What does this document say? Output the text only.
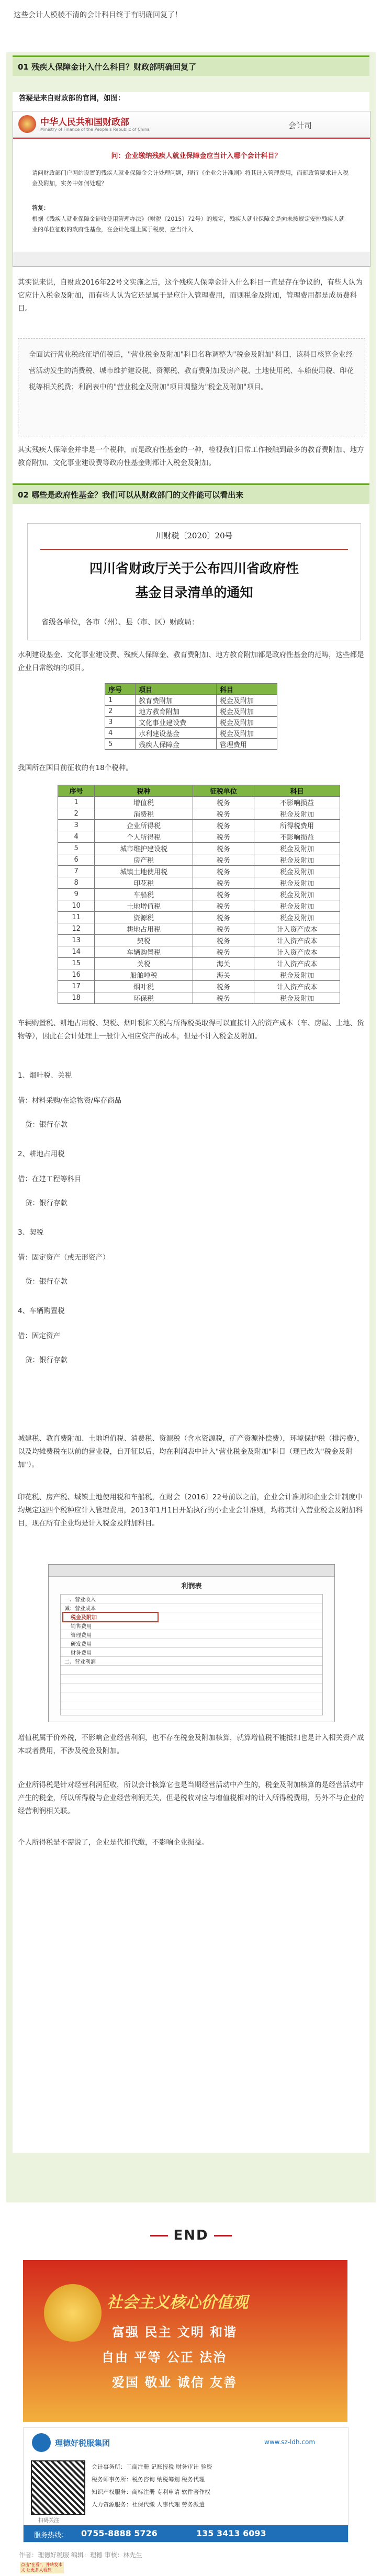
这些会计人模棱不清的会计科目终于有明确回复了！
01 残疾人保障金计入什么科目？财政部明确回复了
答疑是来自财政部的官网，如图：
中华人民共和国财政部
Ministry of Finance of the People's Republic of China	会计司
问：企业缴纳残疾人就业保障金应当计入哪个会计科目？
请问财政部门户网站设置的残疾人就业保障金会计处理问题，现行《企业会计准则》将其计入管理费用，而新政策要求计入税金及附加，实务中如何处理？
答复：
根据《残疾人就业保障金征收使用管理办法》（财税〔2015〕72号）的规定，残疾人就业保障金是向未按规定安排残疾人就业的单位征收的政府性基金，在会计处理上属于税费，应当计入
其实说来说，自财政2016年22号文实施之后，这个残疾人保障金计入什么科目一直是存在争议的，有些人认为它应计入税金及附加，而有些人认为它还是属于是应计入管理费用，而则税金及附加，管理费用都是成员费科目。
全面试行营业税改征增值税后，"营业税金及附加"科目名称调整为"税金及附加"科目，该科目核算企业经营活动发生的消费税、城市维护建设税、资源税、教育费附加及房产税、土地使用税、车船使用税、印花税等相关税费；利润表中的"营业税金及附加"项目调整为"税金及附加"项目。
其实残疾人保障金并非是一个税种，而是政府性基金的一种，检视我们日常工作接触到最多的教育费附加、地方教育附加、文化事业建设费等政府性基金则都计入税金及附加。
02 哪些是政府性基金？我们可以从财政部门的文件能可以看出来
川财税〔2020〕20号
四川省财政厅关于公布四川省政府性
基金目录清单的通知
省级各单位，各市（州）、县（市、区）财政局：
水利建设基金、文化事业建设费、残疾人保障金、教育费附加、地方教育附加都是政府性基金的范畴，这些都是企业日常缴纳的项目。
序号	项目	科目
1	教育费附加	税金及附加
2	地方教育附加	税金及附加
3	文化事业建设费	税金及附加
4	水利建设基金	税金及附加
5	残疾人保障金	管理费用
我国所在国目前征收的有18个税种。
序号	税种	征税单位	科目
1	增值税	税务	不影响损益
2	消费税	税务	税金及附加
3	企业所得税	税务	所得税费用
4	个人所得税	税务	不影响损益
5	城市维护建设税	税务	税金及附加
6	房产税	税务	税金及附加
7	城镇土地使用税	税务	税金及附加
8	印花税	税务	税金及附加
9	车船税	税务	税金及附加
10	土地增值税	税务	税金及附加
11	资源税	税务	税金及附加
12	耕地占用税	税务	计入资产成本
13	契税	税务	计入资产成本
14	车辆购置税	税务	计入资产成本
15	关税	海关	计入资产成本
16	船舶吨税	海关	税金及附加
17	烟叶税	税务	计入资产成本
18	环保税	税务	税金及附加
车辆购置税、耕地占用税、契税、烟叶税和关税与所得税类取得可以直接计入的资产成本（车、房屋、土地、货物等），因此在会计处理上一般计入相应资产的成本，但是不计入税金及附加。
1、烟叶税、关税
借：材料采购/在途物资/库存商品
贷：银行存款
2、耕地占用税
借：在建工程等科目
贷：银行存款
3、契税
借：固定资产（或无形资产）
贷：银行存款
4、车辆购置税
借：固定资产
贷：银行存款
城建税、教育费附加、土地增值税、消费税、资源税（含水资源税，矿产资源补偿费），环境保护税（排污费），以及均摊费税在以前的营业税，自开征以后，均在利润表中计入"营业税金及附加"科目（现已改为"税金及附加"）。
印花税、房产税、城镇土地使用税和车船税，在财会〔2016〕22号前以之前，企业会计准则和企业会计制度中均规定这四个税种应计入管理费用，2013年1月1日开始执行的小企业会计准则，均将其计入营业税金及附加科目，现在所有企业均是计入税金及附加科目。
利润表
一、营业收入
减：营业成本
税金及附加
销售费用
管理费用
研发费用
财务费用
二、营业利润
增值税属于价外税，不影响企业经营利润，也不存在税金及附加核算，就算增值税不能抵扣也是计入相关资产成本或者费用，不涉及税金及附加。
企业所得税是针对经营利润征收，所以会计核算它也是当期经营活动中产生的，税金及附加核算的是经营活动中产生的税金，所以所得税与企业经营利润无关，但是税收对应与增值税相对的计入所得税费用，另外不与企业的经营利润相关联。
个人所得税是不需说了，企业是代扣代缴，不影响企业损益。
END
社会主义核心价值观
富强 民主 文明 和谐
自由 平等 公正 法治
爱国 敬业 诚信 友善
理德好税服集团	www.sz-ldh.com
扫码关注
会计事务所：工商注册 记账报税 财务审计 验资
税务师事务所：税务咨询 纳税筹划 税务代理
知识产权服务：商标注册 专利申请 软件著作权
人力资源服务：社保代缴 人事代理 劳务派遣
服务热线： 0755-8888 5726	135 3413 6093
作者：理德好税服 编辑：理德 审核：林先生
点击"在看"，并转发本文 让更多人看到
